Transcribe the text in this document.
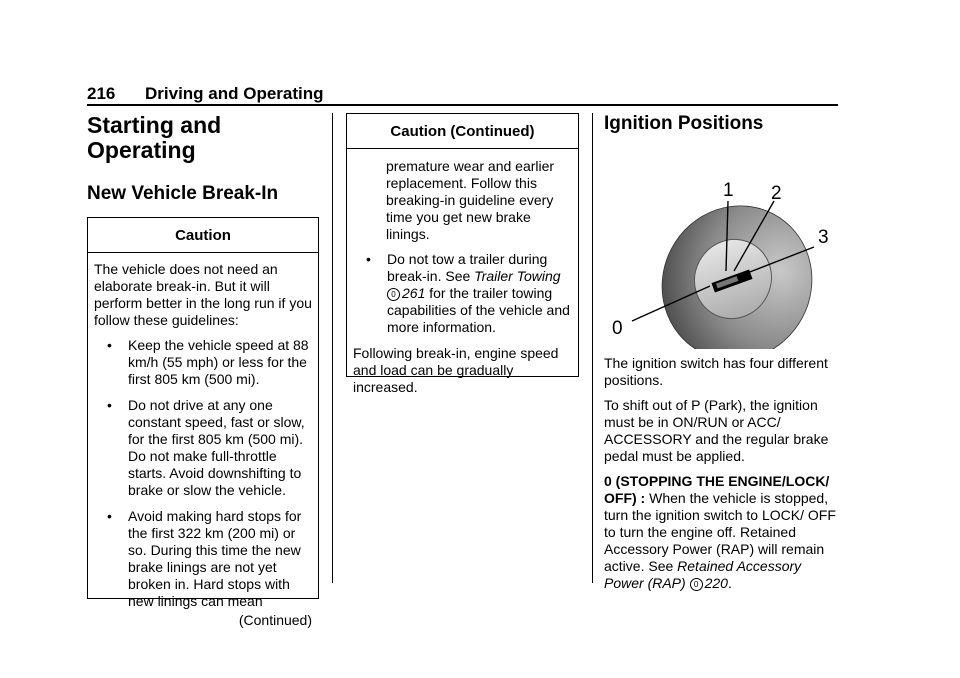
216 Driving and Operating
Starting and
Operating
New Vehicle Break-In
Caution

The vehicle does not need an elaborate break-in. But it will perform better in the long run if you follow these guidelines:

• Keep the vehicle speed at 88 km/h (55 mph) or less for the first 805 km (500 mi).
• Do not drive at any one constant speed, fast or slow, for the first 805 km (500 mi). Do not make full-throttle starts. Avoid downshifting to brake or slow the vehicle.
• Avoid making hard stops for the first 322 km (200 mi) or so. During this time the new brake linings are not yet broken in. Hard stops with new linings can mean

(Continued)

Caution (Continued)

premature wear and earlier replacement. Follow this breaking-in guideline every time you get new brake linings.

• Do not tow a trailer during break-in. See Trailer Towing
0 261 for the trailer towing capabilities of the vehicle and more information.

Following break-in, engine speed and load can be gradually increased.

Ignition Positions
0
1 2
3

The ignition switch has four different positions.

To shift out of P (Park), the ignition must be in ON/RUN or ACC/ ACCESSORY and the regular brake pedal must be applied.

0 (STOPPING THE ENGINE/LOCK/ OFF) : When the vehicle is stopped, turn the ignition switch to LOCK/ OFF to turn the engine off. Retained Accessory Power (RAP) will remain active. See Retained Accessory Power (RAP) 0 220.
